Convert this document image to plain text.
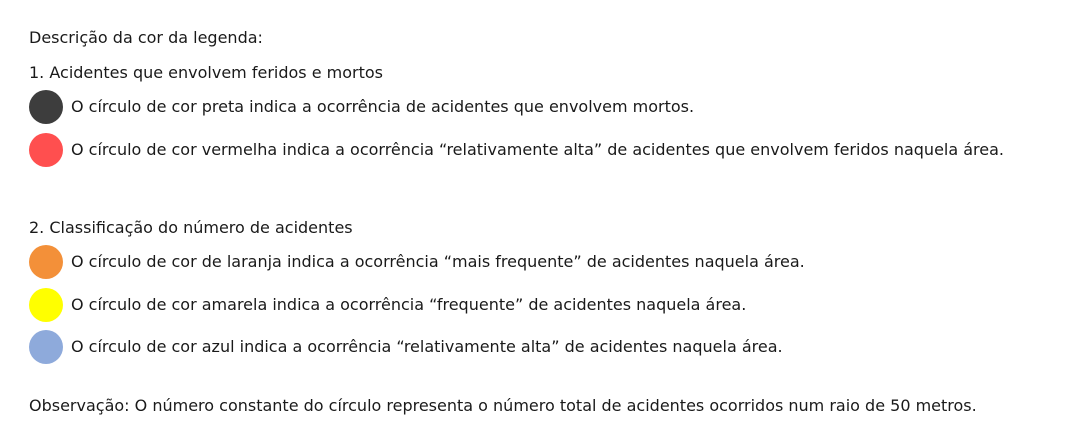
Descrição da cor da legenda:
1. Acidentes que envolvem feridos e mortos
O círculo de cor preta indica a ocorrência de acidentes que envolvem mortos.
O círculo de cor vermelha indica a ocorrência “relativamente alta” de acidentes que envolvem feridos naquela área.
2. Classificação do número de acidentes
O círculo de cor de laranja indica a ocorrência “mais frequente” de acidentes naquela área.
O círculo de cor amarela indica a ocorrência “frequente” de acidentes naquela área.
O círculo de cor azul indica a ocorrência “relativamente alta” de acidentes naquela área.
Observação: O número constante do círculo representa o número total de acidentes ocorridos num raio de 50 metros.
